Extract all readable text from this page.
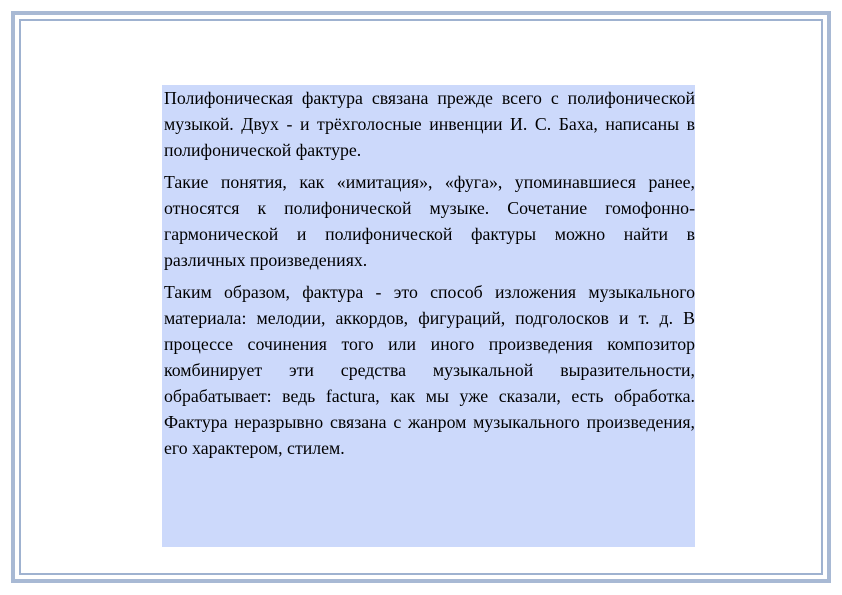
Полифоническая фактура связана прежде всего с полифонической музыкой. Двух - и трёхголосные инвенции И. С. Баха, написаны в полифонической фактуре.

Такие понятия, как «имитация», «фуга», упоминавшиеся ранее, относятся к полифонической музыке. Сочетание гомофонно-гармонической и полифонической фактуры можно найти в различных произведениях.

Таким образом, фактура - это способ изложения музыкального материала: мелодии, аккордов, фигураций, подголосков и т. д. В процессе сочинения того или иного произведения композитор комбинирует эти средства музыкальной выразительности, обрабатывает: ведь factura, как мы уже сказали, есть обработка. Фактура неразрывно связана с жанром музыкального произведения, его характером, стилем.
